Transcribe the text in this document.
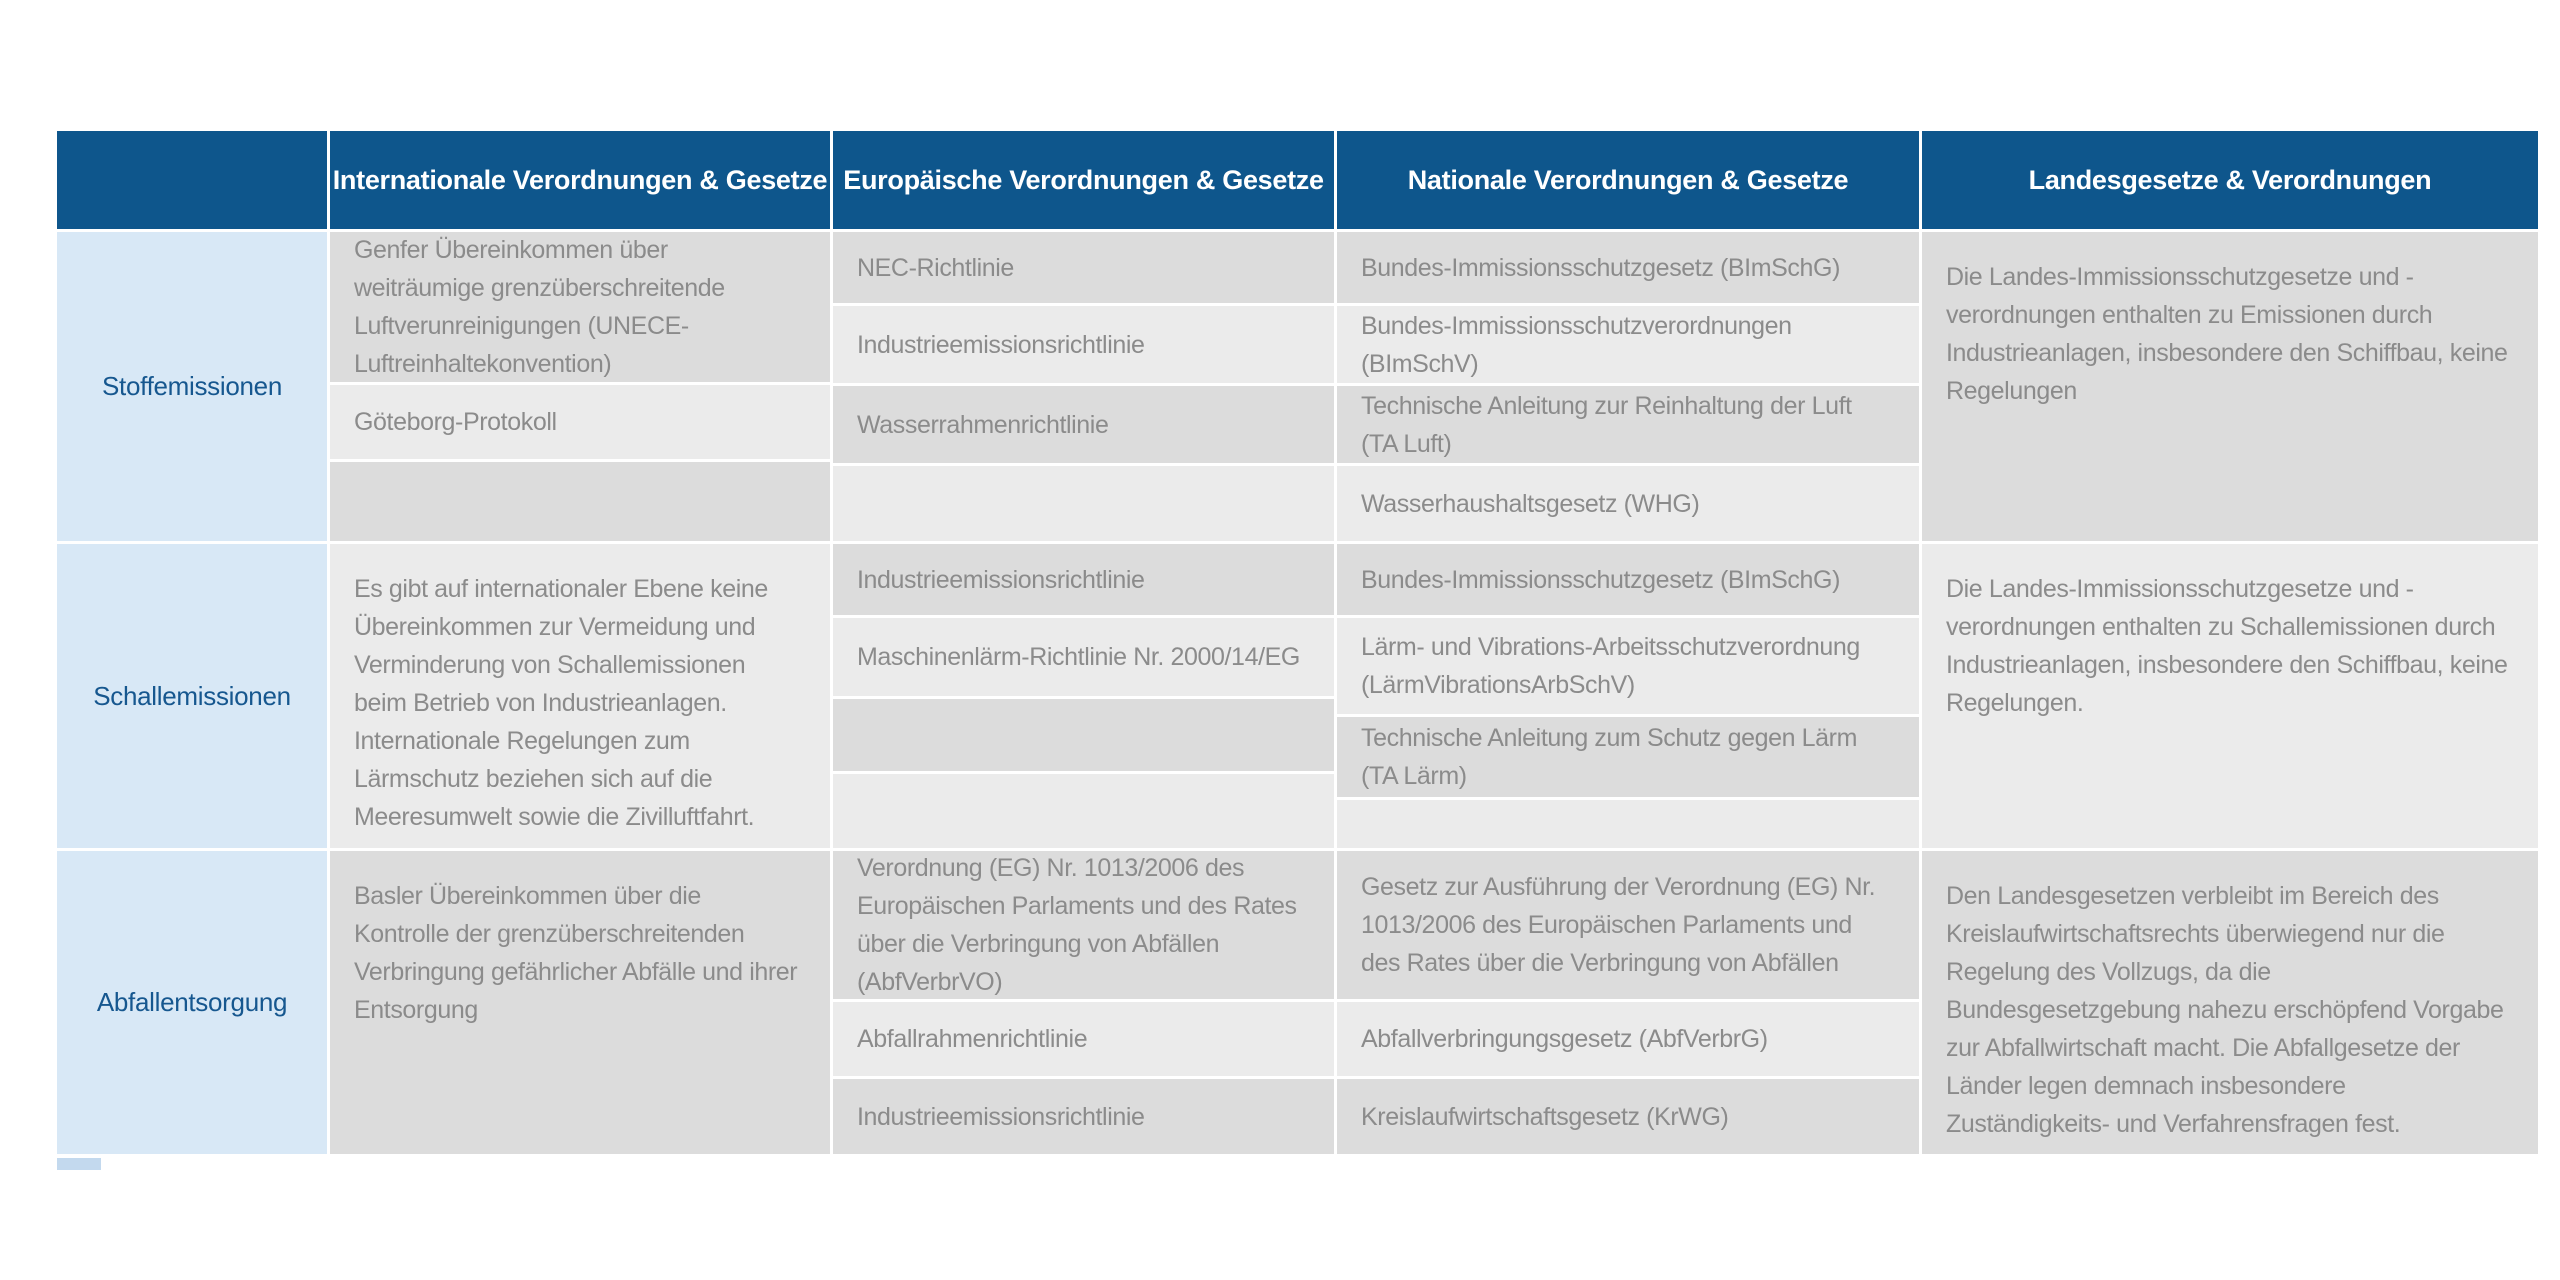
Internationale Verordnungen & Gesetze Europäische Verordnungen & Gesetze	Nationale Verordnungen & Gesetze	Landesgesetze & Verordnungen
Stoffemissionen
Genfer Übereinkommen über weiträumige grenzüberschreitende Luftverunreinigungen (UNECE-Luftreinhaltekonvention)
Göteborg-Protokoll
NEC-Richtlinie
Industrieemissionsrichtlinie
Wasserrahmenrichtlinie
Bundes-Immissionsschutzgesetz (BImSchG)
Bundes-Immissionsschutzverordnungen (BImSchV)
Technische Anleitung zur Reinhaltung der Luft (TA Luft)
Wasserhaushaltsgesetz (WHG)
Die Landes-Immissionsschutzgesetze und -verordnungen enthalten zu Emissionen durch Industrieanlagen, insbesondere den Schiffbau, keine Regelungen
Schallemissionen
Es gibt auf internationaler Ebene keine Übereinkommen zur Vermeidung und Verminderung von Schallemissionen beim Betrieb von Industrieanlagen. Internationale Regelungen zum Lärmschutz beziehen sich auf die Meeresumwelt sowie die Zivilluftfahrt.
Industrieemissionsrichtlinie
Maschinenlärm-Richtlinie Nr. 2000/14/EG
Bundes-Immissionsschutzgesetz (BImSchG)
Lärm- und Vibrations-Arbeitsschutzverordnung (LärmVibrationsArbSchV)
Technische Anleitung zum Schutz gegen Lärm (TA Lärm)
Die Landes-Immissionsschutzgesetze und -verordnungen enthalten zu Schallemissionen durch Industrieanlagen, insbesondere den Schiffbau, keine Regelungen.
Abfallentsorgung
Basler Übereinkommen über die Kontrolle der grenzüberschreitenden Verbringung gefährlicher Abfälle und ihrer Entsorgung
Verordnung (EG) Nr. 1013/2006 des Europäischen Parlaments und des Rates über die Verbringung von Abfällen (AbfVerbrVO)
Abfallrahmenrichtlinie
Industrieemissionsrichtlinie
Gesetz zur Ausführung der Verordnung (EG) Nr. 1013/2006 des Europäischen Parlaments und des Rates über die Verbringung von Abfällen
Abfallverbringungsgesetz (AbfVerbrG)
Kreislaufwirtschaftsgesetz (KrWG)
Den Landesgesetzen verbleibt im Bereich des Kreislaufwirtschaftsrechts überwiegend nur die Regelung des Vollzugs, da die Bundesgesetzgebung nahezu erschöpfend Vorgabe zur Abfallwirtschaft macht. Die Abfallgesetze der Länder legen demnach insbesondere Zuständigkeits- und Verfahrensfragen fest.
